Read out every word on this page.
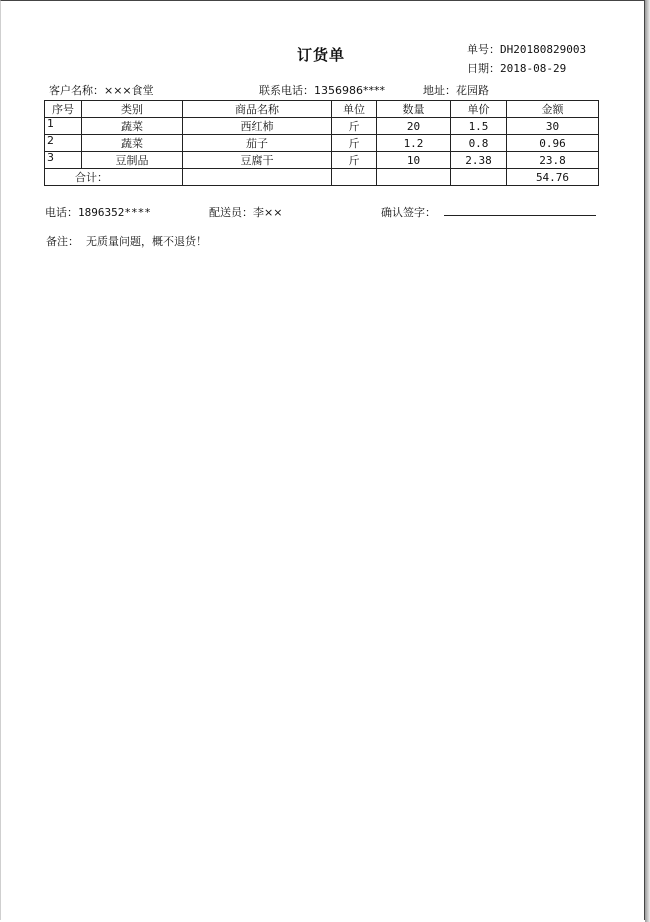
订货单	单号：DH20180829003
日期：2018-08-29
客户名称：×××食堂	联系电话：1356986****	地址：花园路
序号	类别	商品名称	单位	数量	单价	金额
1	蔬菜	西红柿	斤	20	1.5	30
2	蔬菜	茄子	斤	1.2	0.8	0.96
3	豆制品	豆腐干	斤	10	2.38	23.8
合计：						54.76
电话：1896352****	配送员：李××	确认签字：
备注： 无质量问题，概不退货！
